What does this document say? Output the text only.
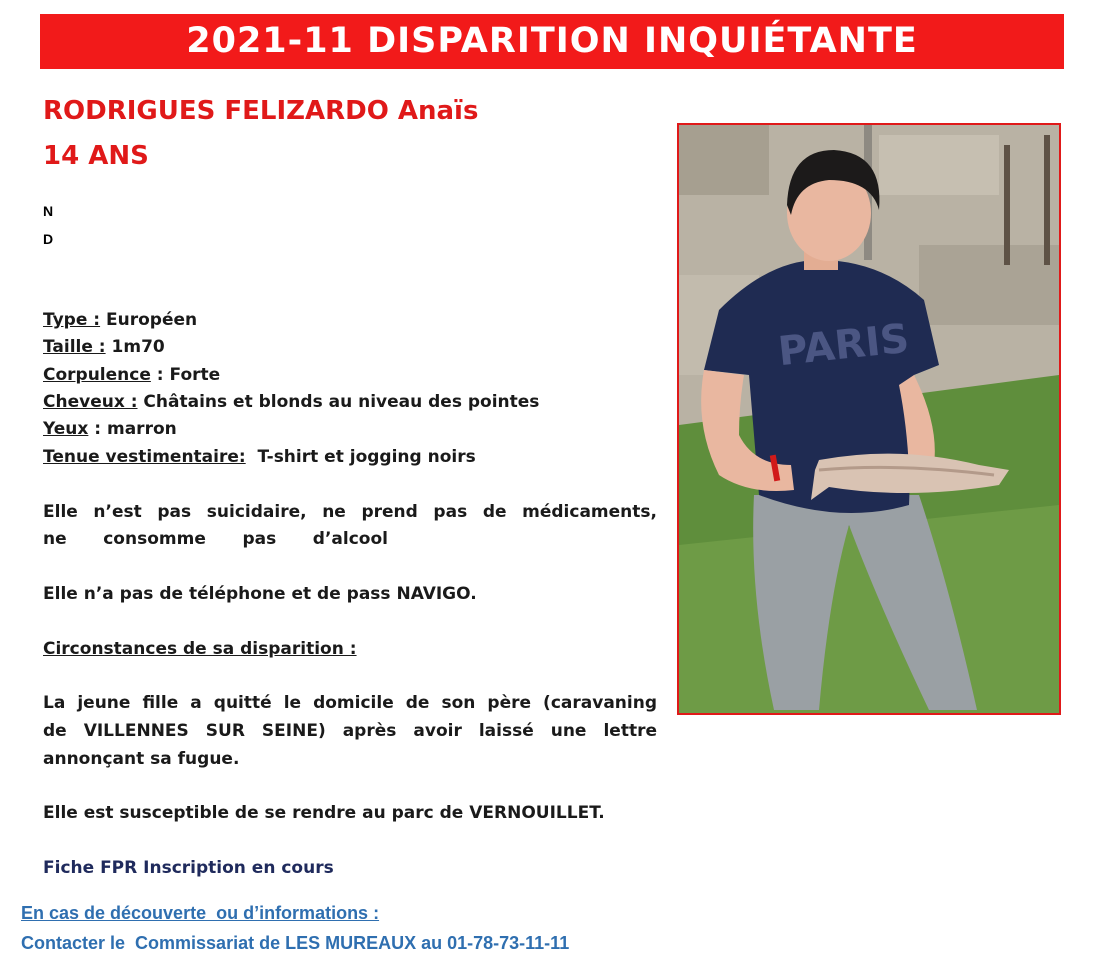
2021-11 DISPARITION INQUIÉTANTE
RODRIGUES FELIZARDO Anaïs
14 ANS
N
D
Type : Européen
Taille : 1m70
Corpulence : Forte
Cheveux : Châtains et blonds au niveau des pointes
Yeux : marron
Tenue vestimentaire:  T-shirt et jogging noirs
Elle n’est pas suicidaire, ne prend pas de médicaments,
ne consomme pas d’alcool
Elle n’a pas de téléphone et de pass NAVIGO.
Circonstances de sa disparition :
La jeune fille a quitté le domicile de son père (caravaning
de VILLENNES SUR SEINE) après avoir laissé une lettre
annonçant sa fugue.
Elle est susceptible de se rendre au parc de VERNOUILLET.
Fiche FPR Inscription en cours
En cas de découverte  ou d’informations :
Contacter le  Commissariat de LES MUREAUX au 01-78-73-11-11
PARIS
